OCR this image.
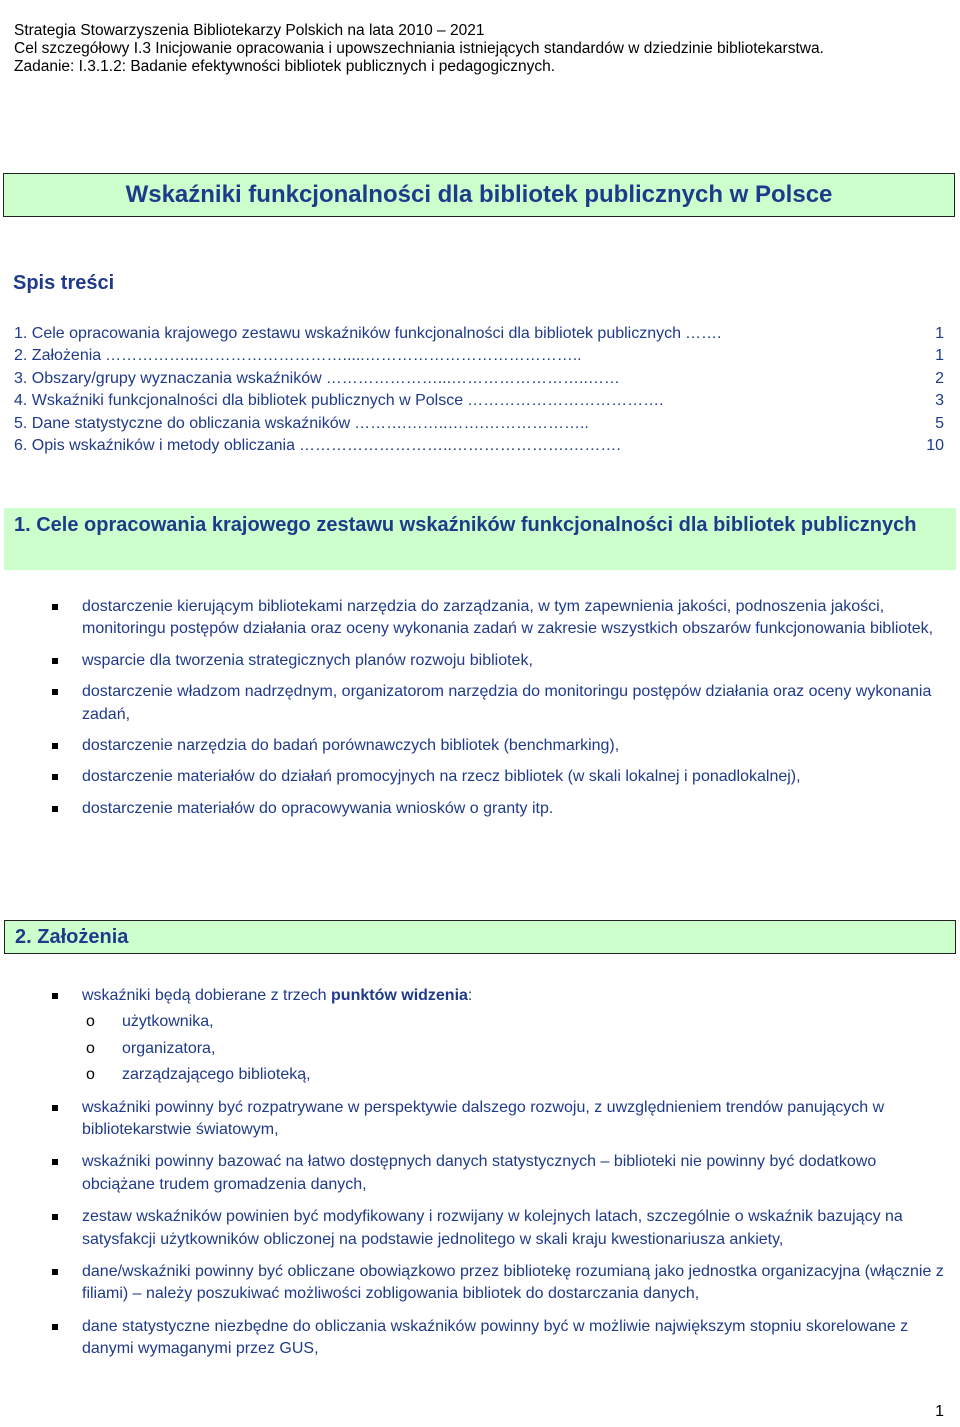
Strategia Stowarzyszenia Bibliotekarzy Polskich na lata 2010 – 2021
Cel szczegółowy I.3 Inicjowanie opracowania i upowszechniania istniejących standardów w dziedzinie bibliotekarstwa.
Zadanie: I.3.1.2: Badanie efektywności bibliotek publicznych i pedagogicznych.
Wskaźniki funkcjonalności dla bibliotek publicznych w Polsce
Spis treści
1. Cele opracowania krajowego zestawu wskaźników funkcjonalności dla bibliotek publicznych …….	1
2. Założenia ……………...……………………….....…………………………………..	1
3. Obszary/grupy wyznaczania wskaźników …………………...……………………..……	2
4. Wskaźniki funkcjonalności dla bibliotek publicznych w Polsce ……………………………….	3
5. Dane statystyczne do obliczania wskaźników ……….……..…….………………..	5
6. Opis wskaźników i metody obliczania ………………………..………………….……….	10
1. Cele opracowania krajowego zestawu wskaźników funkcjonalności dla bibliotek publicznych
dostarczenie kierującym bibliotekami narzędzia do zarządzania, w tym zapewnienia jakości, podnoszenia jakości, monitoringu postępów działania oraz oceny wykonania zadań w zakresie wszystkich obszarów funkcjonowania bibliotek,
wsparcie dla tworzenia strategicznych planów rozwoju bibliotek,
dostarczenie władzom nadrzędnym, organizatorom narzędzia do monitoringu postępów działania oraz oceny wykonania zadań,
dostarczenie narzędzia do badań porównawczych bibliotek (benchmarking),
dostarczenie materiałów do działań promocyjnych na rzecz bibliotek (w skali lokalnej i ponadlokalnej),
dostarczenie materiałów do opracowywania wniosków o granty itp.
2. Założenia
wskaźniki będą dobierane z trzech punktów widzenia:
o użytkownika,
o organizatora,
o zarządzającego biblioteką,
wskaźniki powinny być rozpatrywane w perspektywie dalszego rozwoju, z uwzględnieniem trendów panujących w bibliotekarstwie światowym,
wskaźniki powinny bazować na łatwo dostępnych danych statystycznych – biblioteki nie powinny być dodatkowo obciążane trudem gromadzenia danych,
zestaw wskaźników powinien być modyfikowany i rozwijany w kolejnych latach, szczególnie o wskaźnik bazujący na satysfakcji użytkowników obliczonej na podstawie jednolitego w skali kraju kwestionariusza ankiety,
dane/wskaźniki powinny być obliczane obowiązkowo przez bibliotekę rozumianą jako jednostka organizacyjna (włącznie z filiami) – należy poszukiwać możliwości zobligowania bibliotek do dostarczania danych,
dane statystyczne niezbędne do obliczania wskaźników powinny być w możliwie największym stopniu skorelowane z danymi wymaganymi przez GUS,
1
